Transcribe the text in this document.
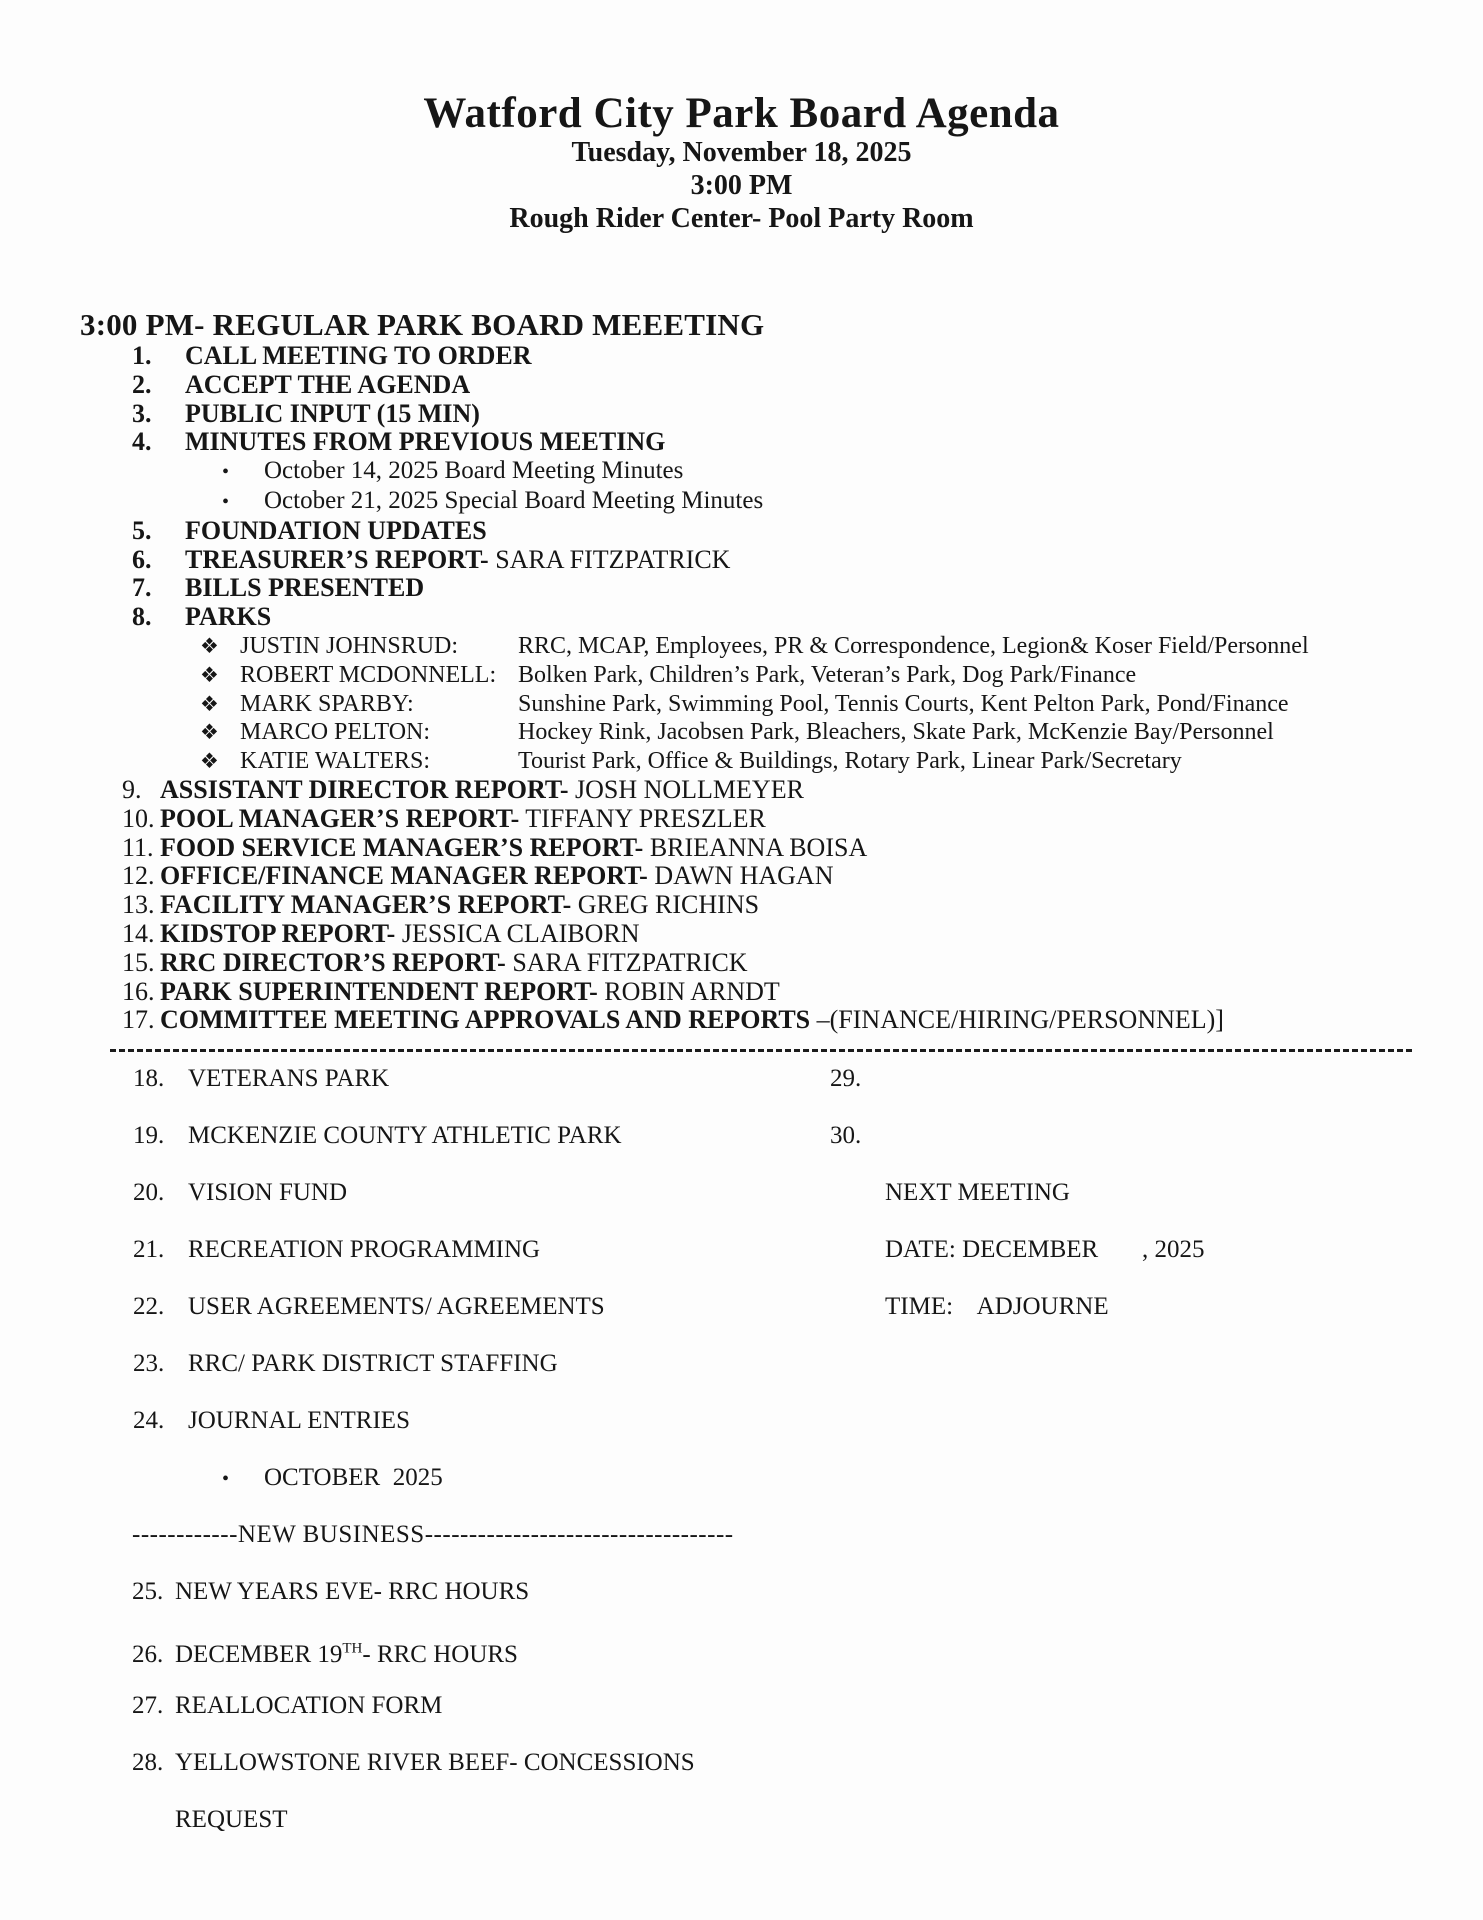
Watford City Park Board Agenda
Tuesday, November 18, 2025
3:00 PM
Rough Rider Center- Pool Party Room
3:00 PM- REGULAR PARK BOARD MEEETING
1. CALL MEETING TO ORDER
2. ACCEPT THE AGENDA
3. PUBLIC INPUT (15 MIN)
4. MINUTES FROM PREVIOUS MEETING
• October 14, 2025 Board Meeting Minutes
• October 21, 2025 Special Board Meeting Minutes
5. FOUNDATION UPDATES
6. TREASURER’S REPORT- SARA FITZPATRICK
7. BILLS PRESENTED
8. PARKS
❖ JUSTIN JOHNSRUD: RRC, MCAP, Employees, PR & Correspondence, Legion& Koser Field/Personnel
❖ ROBERT MCDONNELL: Bolken Park, Children’s Park, Veteran’s Park, Dog Park/Finance
❖ MARK SPARBY:	Sunshine Park, Swimming Pool, Tennis Courts, Kent Pelton Park, Pond/Finance
❖ MARCO PELTON:	Hockey Rink, Jacobsen Park, Bleachers, Skate Park, McKenzie Bay/Personnel
❖ KATIE WALTERS:	Tourist Park, Office & Buildings, Rotary Park, Linear Park/Secretary
9. ASSISTANT DIRECTOR REPORT- JOSH NOLLMEYER
10. POOL MANAGER’S REPORT- TIFFANY PRESZLER
11. FOOD SERVICE MANAGER’S REPORT- BRIEANNA BOISA
12. OFFICE/FINANCE MANAGER REPORT- DAWN HAGAN
13. FACILITY MANAGER’S REPORT- GREG RICHINS
14. KIDSTOP REPORT- JESSICA CLAIBORN
15. RRC DIRECTOR’S REPORT- SARA FITZPATRICK
16. PARK SUPERINTENDENT REPORT- ROBIN ARNDT
17. COMMITTEE MEETING APPROVALS AND REPORTS –(FINANCE/HIRING/PERSONNEL)]
18. VETERANS PARK	29.
19. MCKENZIE COUNTY ATHLETIC PARK	30.
20. VISION FUND	NEXT MEETING
21. RECREATION PROGRAMMING	DATE: DECEMBER       , 2025
22. USER AGREEMENTS/ AGREEMENTS	TIME:    ADJOURNE
23. RRC/ PARK DISTRICT STAFFING
24. JOURNAL ENTRIES
• OCTOBER  2025
------------NEW BUSINESS-----------------------------------
25. NEW YEARS EVE- RRC HOURS
26. DECEMBER 19TH- RRC HOURS
27. REALLOCATION FORM
28. YELLOWSTONE RIVER BEEF- CONCESSIONS
REQUEST
